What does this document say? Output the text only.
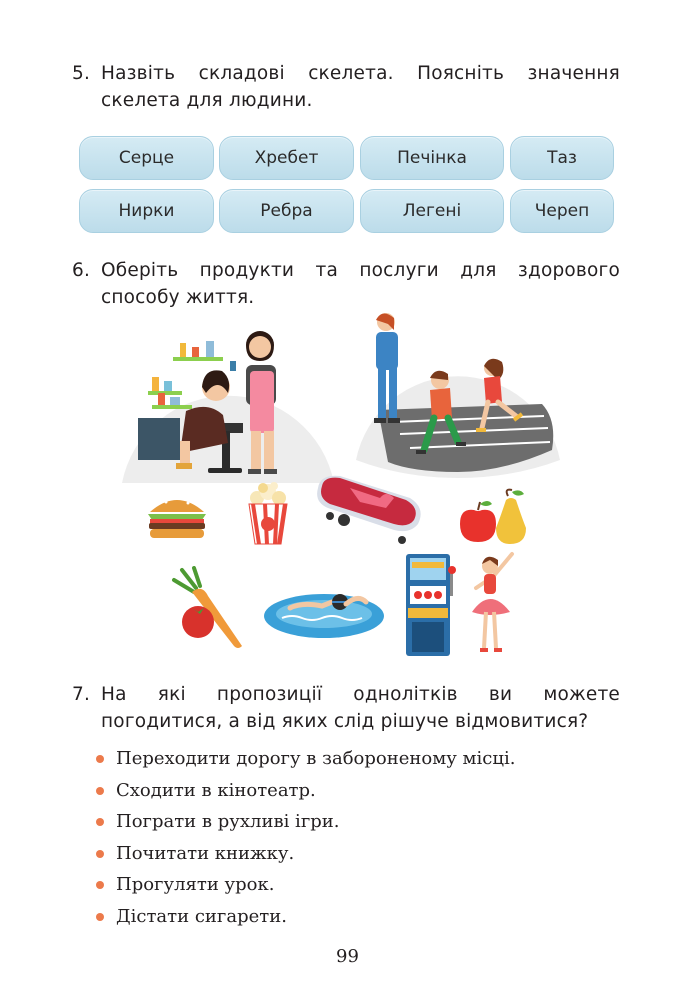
5. Назвіть складові скелета. Поясніть значення скелета для людини.
Серце	Хребет	Печінка	Таз
Нирки	Ребра	Легені	Череп
6. Оберіть продукти та послуги для здорового способу життя.
7. На які пропозиції однолітків ви можете погодитися, а від яких слід рішуче відмовитися?
Переходити дорогу в забороненому місці.
Сходити в кінотеатр.
Пограти в рухливі ігри.
Почитати книжку.
Прогуляти урок.
Дістати сигарети.
99
